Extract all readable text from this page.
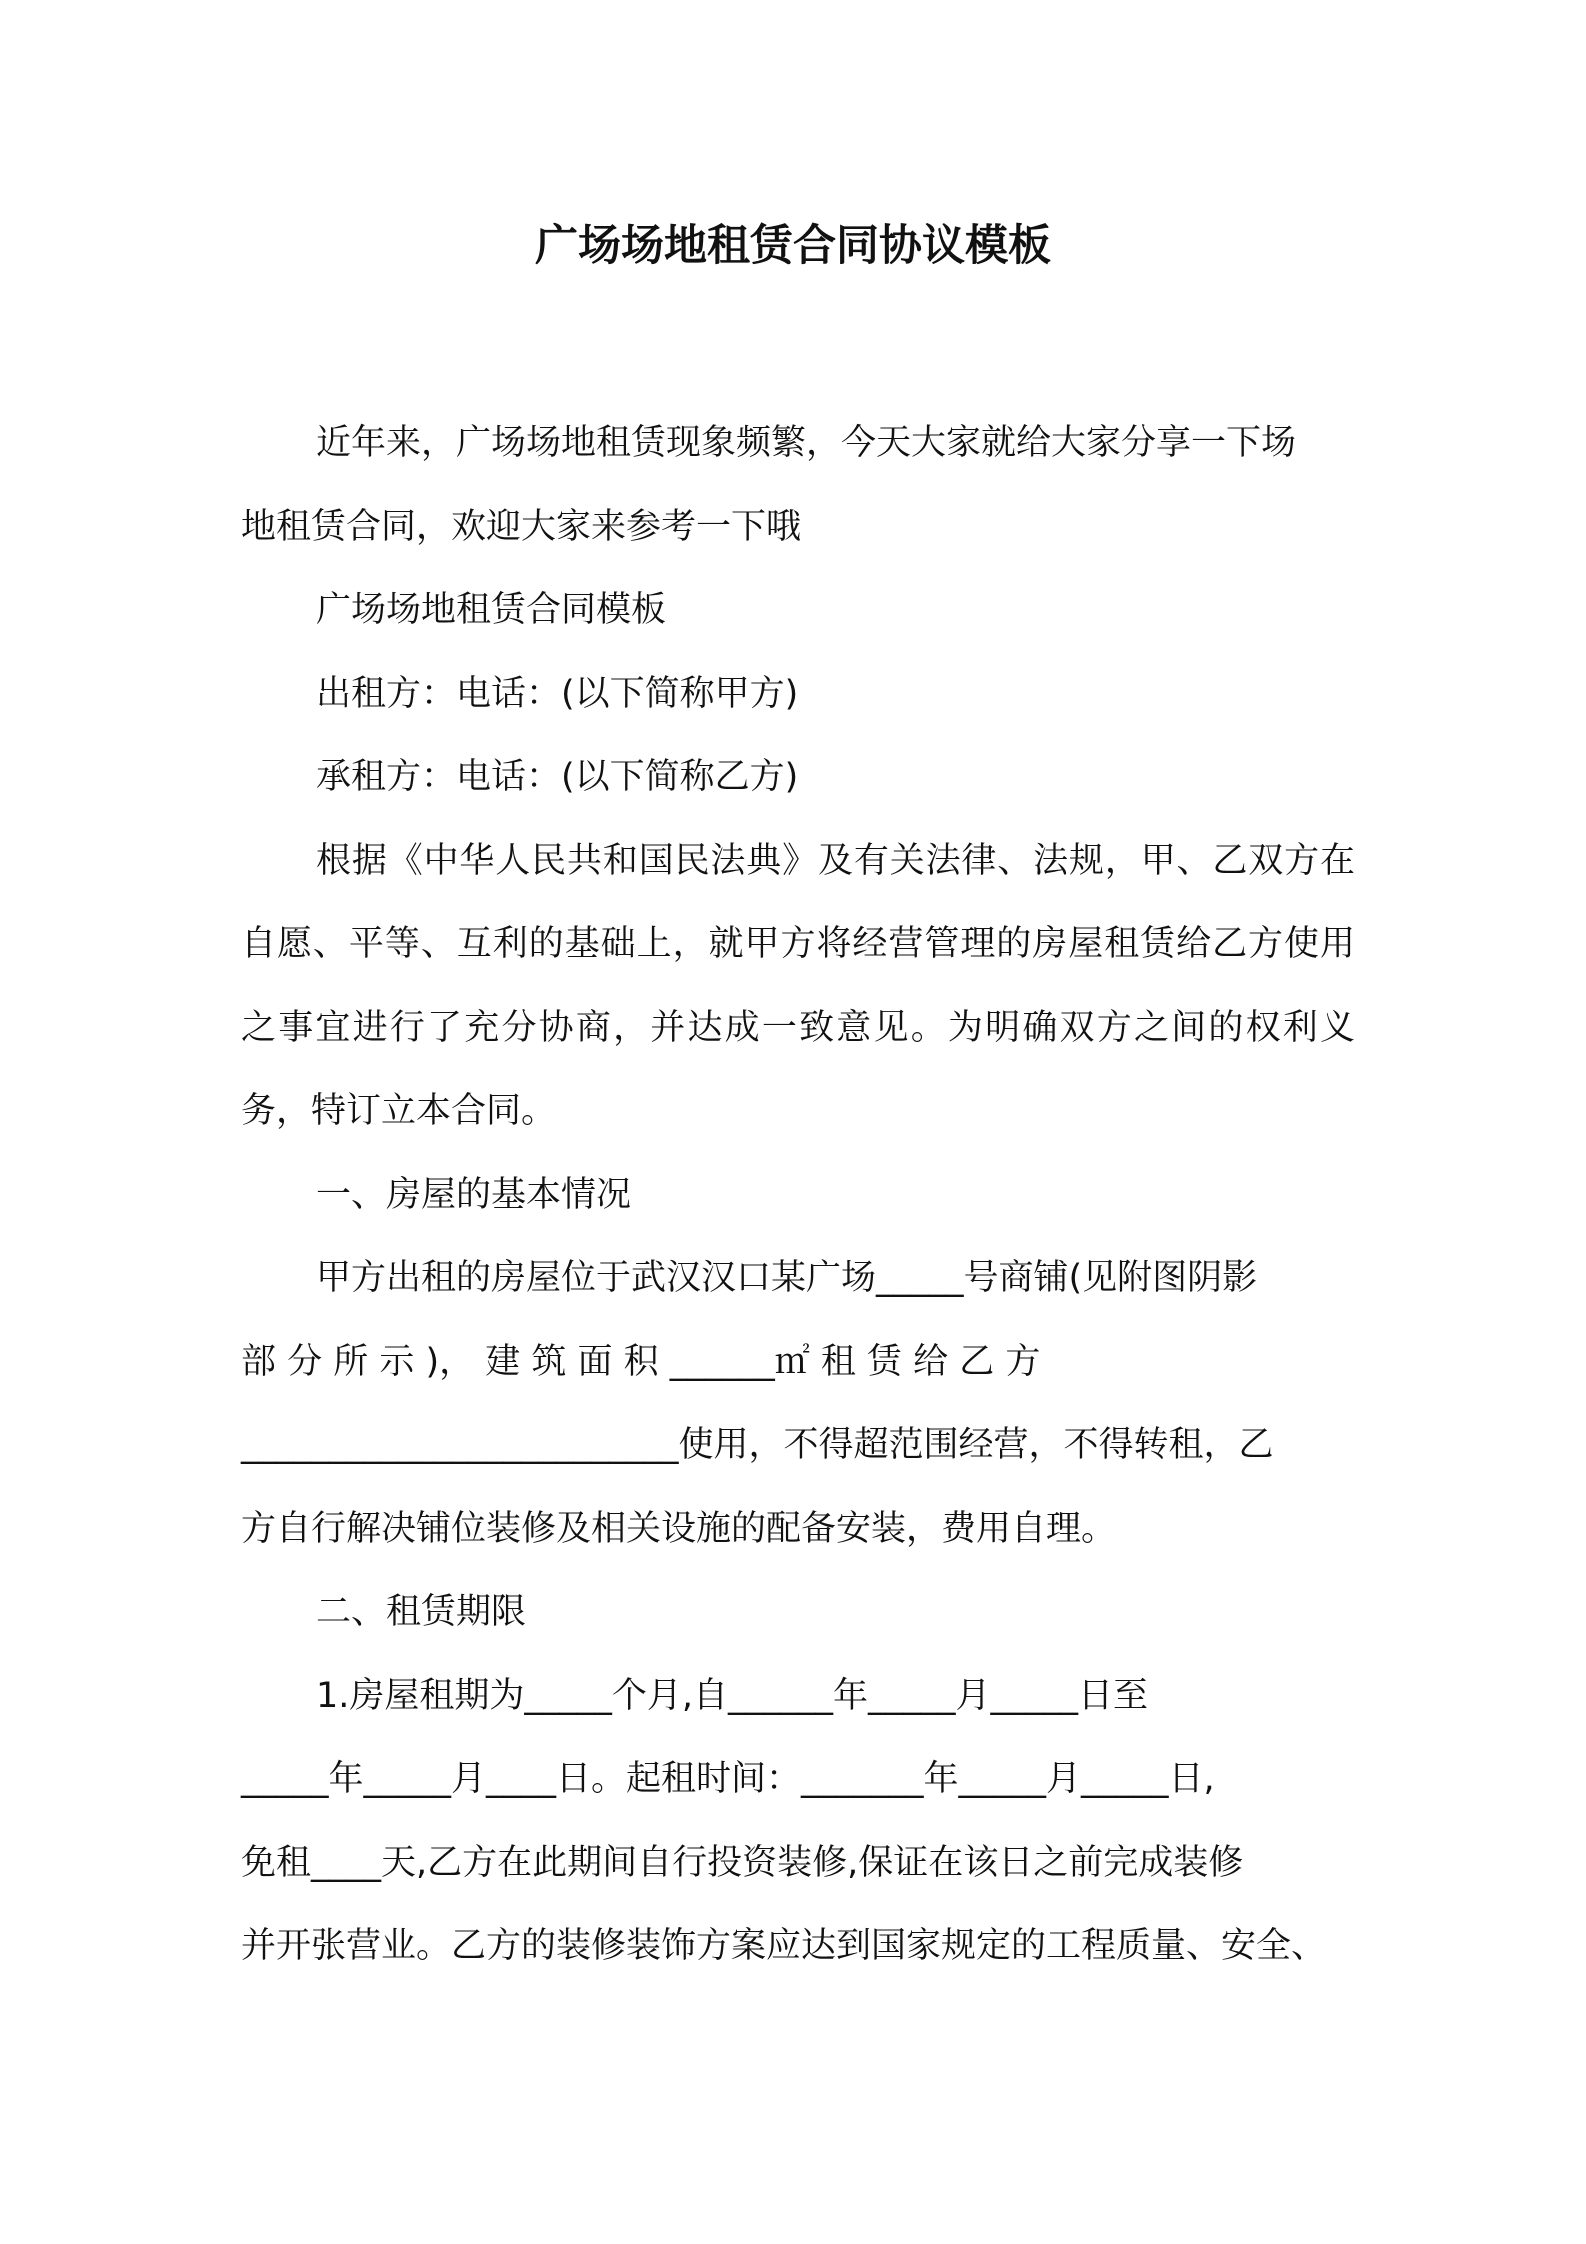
广场场地租赁合同协议模板

近年来，广场场地租赁现象频繁，今天大家就给大家分享一下场

地租赁合同，欢迎大家来参考一下哦

广场场地租赁合同模板

出租方：电话：(以下简称甲方)

承租方：电话：(以下简称乙方)

根据《中华人民共和国民法典》及有关法律、法规，甲、乙双方在自愿、平等、互利的基础上，就甲方将经营管理的房屋租赁给乙方使用之事宜进行了充分协商，并达成一致意见。为明确双方之间的权利义务，特订立本合同。

一、房屋的基本情况

甲方出租的房屋位于武汉汉口某广场_____号商铺(见附图阴影

部 分 所 示 )， 建 筑 面 积 ______㎡ 租 赁 给 乙 方

_________________________使用，不得超范围经营，不得转租，乙

方自行解决铺位装修及相关设施的配备安装，费用自理。

二、租赁期限

1.房屋租期为_____个月,自______年_____月_____日至

_____年_____月____日。起租时间：_______年_____月_____日,

免租____天,乙方在此期间自行投资装修,保证在该日之前完成装修

并开张营业。乙方的装修装饰方案应达到国家规定的工程质量、安全、
